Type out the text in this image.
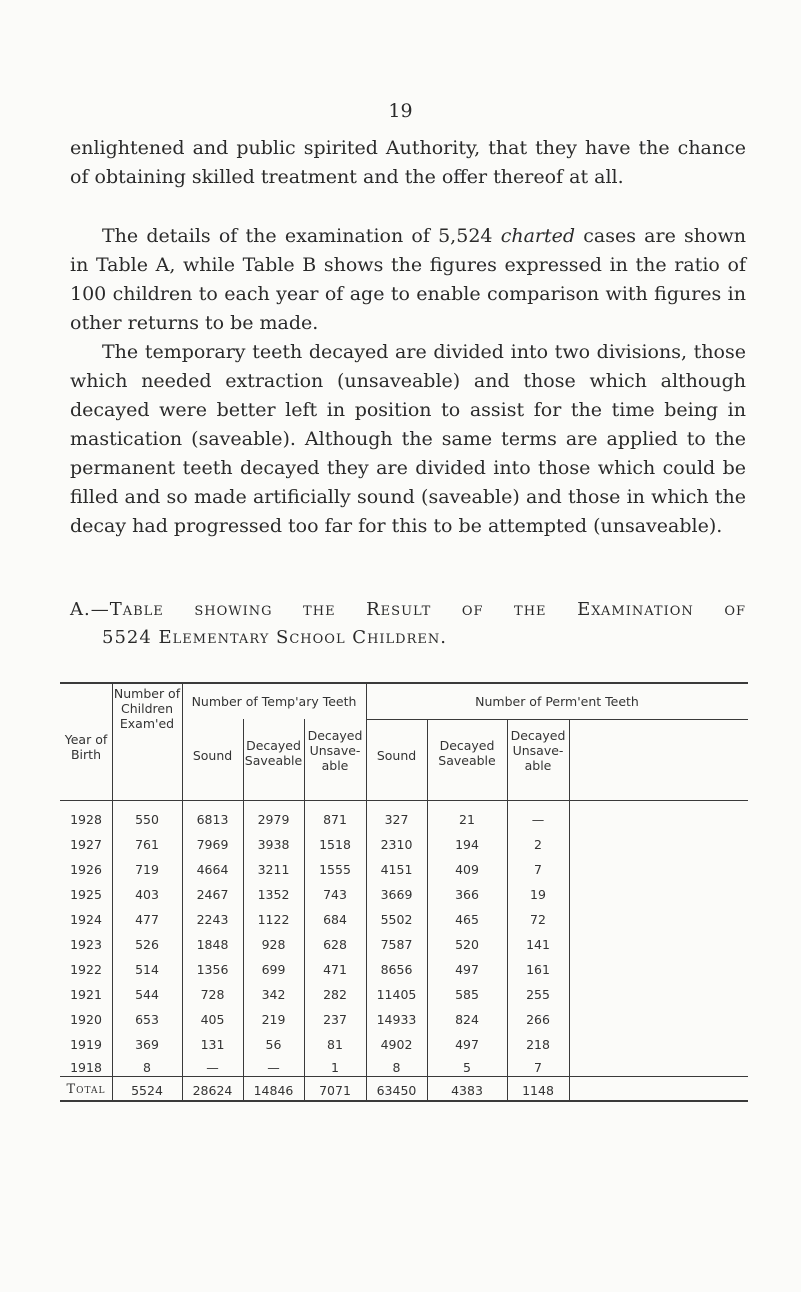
19

enlightened and public spirited Authority, that they have the chance of obtaining skilled treatment and the offer thereof at all.

The details of the examination of 5,524 charted cases are shown in Table A, while Table B shows the figures expressed in the ratio of 100 children to each year of age to enable comparison with figures in other returns to be made.

The temporary teeth decayed are divided into two divisions, those which needed extraction (unsaveable) and those which although decayed were better left in position to assist for the time being in mastication (saveable). Although the same terms are applied to the permanent teeth decayed they are divided into those which could be filled and so made artificially sound (saveable) and those in which the decay had progressed too far for this to be attempted (unsaveable).

A.—Table showing the Result of the Examination of
5524 Elementary School Children.
Year of Birth
Number of Children Exam'ed
Number of Temp'ary Teeth	Number of Perm'ent Teeth
Sound
Decayed Saveable
Decayed Unsave- able
Sound
Decayed Saveable
Decayed Unsave- able
1928	550	6813	2979	871	327	21	—
1927	761	7969	3938	1518	2310	194	2
1926	719	4664	3211	1555	4151	409	7
1925	403	2467	1352	743	3669	366	19
1924	477	2243	1122	684	5502	465	72
1923	526	1848	928	628	7587	520	141
1922	514	1356	699	471	8656	497	161
1921	544	728	342	282	11405	585	255
1920	653	405	219	237	14933	824	266
1919	369	131	56	81	4902	497	218
1918	8	—	—	1	8	5	7
Total	5524	28624	14846	7071	63450	4383	1148
